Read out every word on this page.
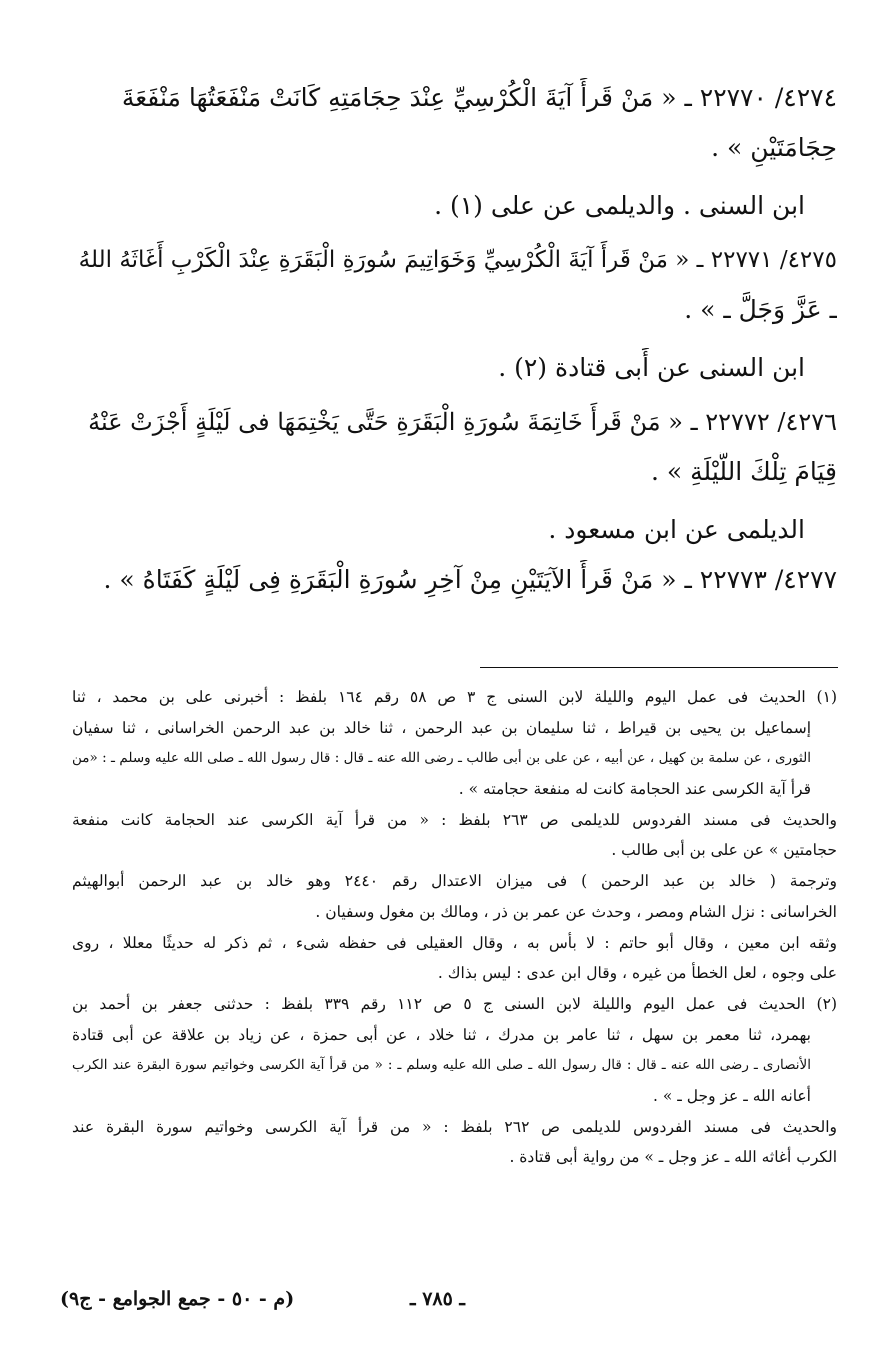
٤٢٧٤/ ٢٢٧٧٠ ـ « مَنْ قَرأَ آيَةَ الْكُرْسِيِّ عِنْدَ حِجَامَتِهِ كَانَتْ مَنْفَعَتُهَا مَنْفَعَةَ
حِجَامَتَيْنِ » .
ابن السنى . والديلمى عن على (١) .
٤٢٧٥/ ٢٢٧٧١ ـ « مَنْ قَرأَ آيَةَ الْكُرْسِيِّ وَخَوَاتِيمَ سُورَةِ الْبَقَرَةِ عِنْدَ الْكَرْبِ أَغَاثَهُ اللهُ
ـ عَزَّ وَجَلَّ ـ » .
ابن السنى عن أَبى قتادة (٢) .
٤٢٧٦/ ٢٢٧٧٢ ـ « مَنْ قَرأَ خَاتِمَةَ سُورَةِ الْبَقَرَةِ حَتَّى يَخْتِمَهَا فى لَيْلَةٍ أَجْزَتْ عَنْهُ
قِيَامَ تِلْكَ اللَّيْلَةِ » .
الديلمى عن ابن مسعود .
٤٢٧٧/ ٢٢٧٧٣ ـ « مَنْ قَرأَ الآيَتَيْنِ مِنْ آخِرِ سُورَةِ الْبَقَرَةِ فِى لَيْلَةٍ كَفَتَاهُ » .
(١) الحديث فى عمل اليوم والليلة لابن السنى ج ٣ ص ٥٨ رقم ١٦٤ بلفظ : أخبرنى على بن محمد ، ثنا
إسماعيل بن يحيى بن قيراط ، ثنا سليمان بن عبد الرحمن ، ثنا خالد بن عبد الرحمن الخراسانى ، ثنا سفيان
الثورى ، عن سلمة بن كهيل ، عن أبيه ، عن على بن أبى طالب ـ رضى الله عنه ـ قال : قال رسول الله ـ صلى الله عليه وسلم ـ : «من
قرأ آية الكرسى عند الحجامة كانت له منفعة حجامته » .
والحديث فى مسند الفردوس للديلمى ص ٢٦٣ بلفظ : « من قرأ آية الكرسى عند الحجامة كانت منفعة
حجامتين » عن على بن أبى طالب .
وترجمة ( خالد بن عبد الرحمن ) فى ميزان الاعتدال رقم ٢٤٤٠ وهو خالد بن عبد الرحمن أبوالهيثم
الخراسانى : نزل الشام ومصر ، وحدث عن عمر بن ذر ، ومالك بن مغول وسفيان .
وثقه ابن معين ، وقال أبو حاتم : لا بأس به ، وقال العقيلى فى حفظه شىء ، ثم ذكر له حديثًا معللا ، روى
على وجوه ، لعل الخطأ من غيره ، وقال ابن عدى : ليس بذاك .
(٢) الحديث فى عمل اليوم والليلة لابن السنى ج ٥ ص ١١٢ رقم ٣٣٩ بلفظ : حدثنى جعفر بن أحمد بن
بهمرد، ثنا معمر بن سهل ، ثنا عامر بن مدرك ، ثنا خلاد ، عن أبى حمزة ، عن زياد بن علاقة عن أبى قتادة
الأنصارى ـ رضى الله عنه ـ قال : قال رسول الله ـ صلى الله عليه وسلم ـ : « من قرأ آية الكرسى وخواتيم سورة البقرة عند الكرب
أعانه الله ـ عز وجل ـ » .
والحديث فى مسند الفردوس للديلمى ص ٢٦٢ بلفظ : « من قرأ آية الكرسى وخواتيم سورة البقرة عند
الكرب أغاثه الله ـ عز وجل ـ » من رواية أبى قتادة .
ـ ٧٨٥ ـ
(م - ٥٠ - جمع الجوامع - ج٩)
